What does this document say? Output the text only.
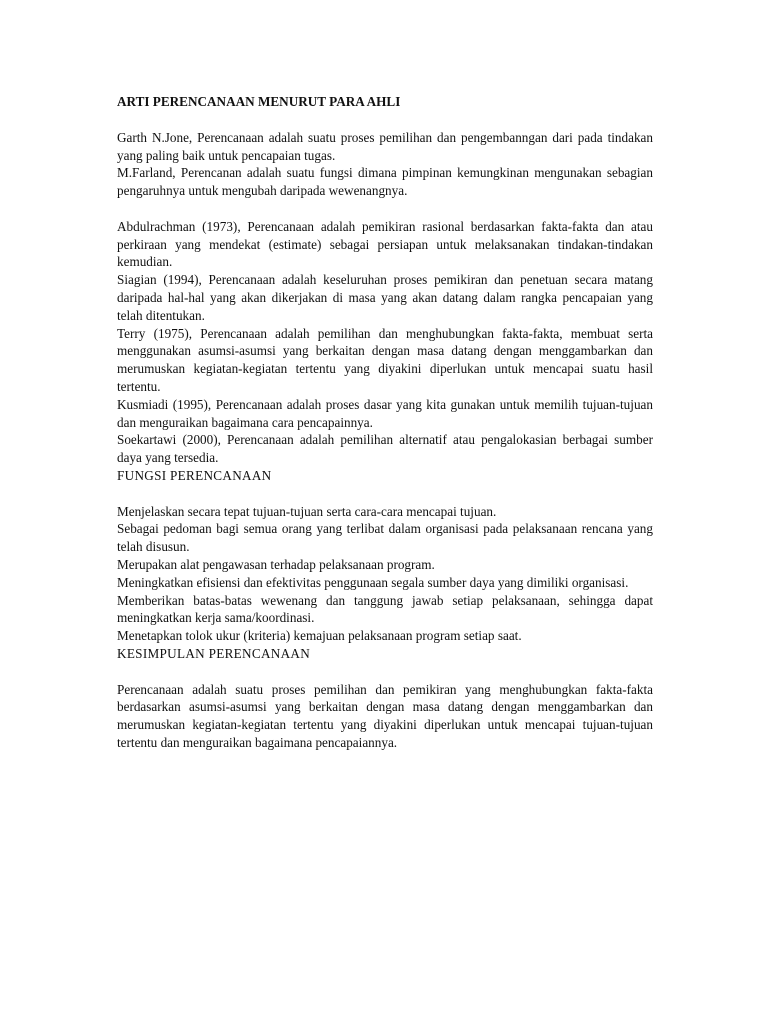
ARTI PERENCANAAN MENURUT PARA AHLI

Garth N.Jone, Perencanaan adalah suatu proses pemilihan dan pengembanngan dari pada tindakan yang paling baik untuk pencapaian tugas.

M.Farland, Perencanan adalah suatu fungsi dimana pimpinan kemungkinan mengunakan sebagian pengaruhnya untuk mengubah daripada wewenangnya.

Abdulrachman (1973), Perencanaan adalah pemikiran rasional berdasarkan fakta-fakta dan atau perkiraan yang mendekat (estimate) sebagai persiapan untuk melaksanakan tindakan-tindakan kemudian.

Siagian (1994), Perencanaan adalah keseluruhan proses pemikiran dan penetuan secara matang daripada hal-hal yang akan dikerjakan di masa yang akan datang dalam rangka pencapaian yang telah ditentukan.

Terry (1975), Perencanaan adalah pemilihan dan menghubungkan fakta-fakta, membuat serta menggunakan asumsi-asumsi yang berkaitan dengan masa datang dengan menggambarkan dan merumuskan kegiatan-kegiatan tertentu yang diyakini diperlukan untuk mencapai suatu hasil tertentu.

Kusmiadi (1995), Perencanaan adalah proses dasar yang kita gunakan untuk memilih tujuan-tujuan dan menguraikan bagaimana cara pencapainnya.

Soekartawi (2000), Perencanaan adalah pemilihan alternatif atau pengalokasian berbagai sumber daya yang tersedia.

FUNGSI PERENCANAAN

Menjelaskan secara tepat tujuan-tujuan serta cara-cara mencapai tujuan.

Sebagai pedoman bagi semua orang yang terlibat dalam organisasi pada pelaksanaan rencana yang telah disusun.

Merupakan alat pengawasan terhadap pelaksanaan program.

Meningkatkan efisiensi dan efektivitas penggunaan segala sumber daya yang dimiliki organisasi.

Memberikan batas-batas wewenang dan tanggung jawab setiap pelaksanaan, sehingga dapat meningkatkan kerja sama/koordinasi.

Menetapkan tolok ukur (kriteria) kemajuan pelaksanaan program setiap saat.

KESIMPULAN PERENCANAAN

Perencanaan adalah suatu proses pemilihan dan pemikiran yang menghubungkan fakta-fakta berdasarkan asumsi-asumsi yang berkaitan dengan masa datang dengan menggambarkan dan merumuskan kegiatan-kegiatan tertentu yang diyakini diperlukan untuk mencapai tujuan-tujuan tertentu dan menguraikan bagaimana pencapaiannya.
